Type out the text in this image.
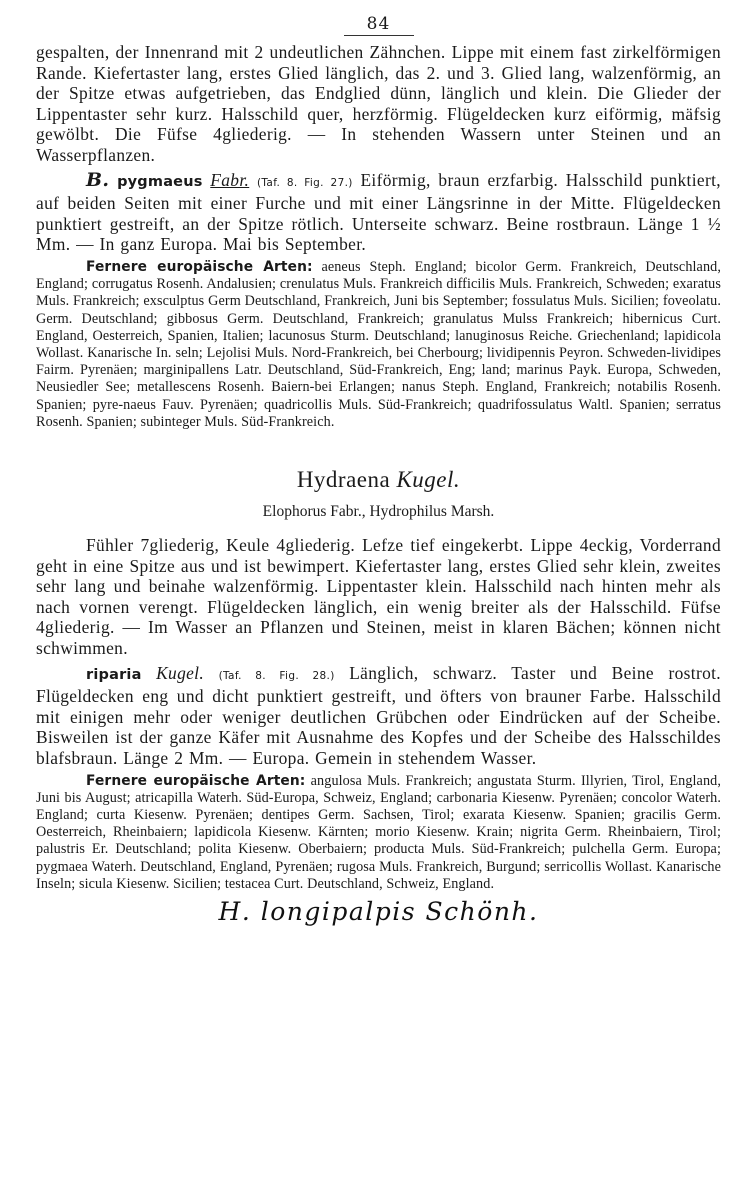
84

gespalten, der Innenrand mit 2 undeutlichen Zähnchen. Lippe mit einem fast zirkelförmigen Rande. Kiefertaster lang, erstes Glied länglich, das 2. und 3. Glied lang, walzenförmig, an der Spitze etwas aufgetrieben, das Endglied dünn, länglich und klein. Die Glieder der Lippentaster sehr kurz. Halsschild quer, herzförmig. Flügeldecken kurz eiförmig, mäfsig gewölbt. Die Füfse 4gliederig. — In stehenden Wassern unter Steinen und an Wasserpflanzen.

B. pygmaeus Fabr. (Taf. 8. Fig. 27.) Eiförmig, braun erzfarbig. Halsschild punktiert, auf beiden Seiten mit einer Furche und mit einer Längsrinne in der Mitte. Flügeldecken punktiert gestreift, an der Spitze rötlich. Unterseite schwarz. Beine rostbraun. Länge 1 ½ Mm. — In ganz Europa. Mai bis September.

Fernere europäische Arten: aeneus Steph. England; bicolor Germ. Frankreich, Deutschland, England; corrugatus Rosenh. Andalusien; crenulatus Muls. Frankreich difficilis Muls. Frankreich, Schweden; exaratus Muls. Frankreich; exsculptus Germ Deutschland, Frankreich, Juni bis September; fossulatus Muls. Sicilien; foveolatu. Germ. Deutschland; gibbosus Germ. Deutschland, Frankreich; granulatus Mulss Frankreich; hibernicus Curt. England, Oesterreich, Spanien, Italien; lacunosus Sturm. Deutschland; lanuginosus Reiche. Griechenland; lapidicola Wollast. Kanarische In. seln; Lejolisi Muls. Nord-Frankreich, bei Cherbourg; lividipennis Peyron. Schweden-lividipes Fairm. Pyrenäen; marginipallens Latr. Deutschland, Süd-Frankreich, Eng; land; marinus Payk. Europa, Schweden, Neusiedler See; metallescens Rosenh. Baiern-bei Erlangen; nanus Steph. England, Frankreich; notabilis Rosenh. Spanien; pyre-naeus Fauv. Pyrenäen; quadricollis Muls. Süd-Frankreich; quadrifossulatus Waltl. Spanien; serratus Rosenh. Spanien; subinteger Muls. Süd-Frankreich.

Hydraena Kugel.
Elophorus Fabr., Hydrophilus Marsh.

Fühler 7gliederig, Keule 4gliederig. Lefze tief eingekerbt. Lippe 4eckig, Vorderrand geht in eine Spitze aus und ist bewimpert. Kiefertaster lang, erstes Glied sehr klein, zweites sehr lang und beinahe walzenförmig. Lippentaster klein. Halsschild nach hinten mehr als nach vornen verengt. Flügeldecken länglich, ein wenig breiter als der Halsschild. Füfse 4gliederig. — Im Wasser an Pflanzen und Steinen, meist in klaren Bächen; können nicht schwimmen.

riparia Kugel. (Taf. 8. Fig. 28.) Länglich, schwarz. Taster und Beine rostrot. Flügeldecken eng und dicht punktiert gestreift, und öfters von brauner Farbe. Halsschild mit einigen mehr oder weniger deutlichen Grübchen oder Eindrücken auf der Scheibe. Bisweilen ist der ganze Käfer mit Ausnahme des Kopfes und der Scheibe des Halsschildes blafsbraun. Länge 2 Mm. — Europa. Gemein in stehendem Wasser.

Fernere europäische Arten: angulosa Muls. Frankreich; angustata Sturm. Illyrien, Tirol, England, Juni bis August; atricapilla Waterh. Süd-Europa, Schweiz, England; carbonaria Kiesenw. Pyrenäen; concolor Waterh. England; curta Kiesenw. Pyrenäen; dentipes Germ. Sachsen, Tirol; exarata Kiesenw. Spanien; gracilis Germ. Oesterreich, Rheinbaiern; lapidicola Kiesenw. Kärnten; morio Kiesenw. Krain; nigrita Germ. Rheinbaiern, Tirol; palustris Er. Deutschland; polita Kiesenw. Oberbaiern; producta Muls. Süd-Frankreich; pulchella Germ. Europa; pygmaea Waterh. Deutschland, England, Pyrenäen; rugosa Muls. Frankreich, Burgund; serricollis Wollast. Kanarische Inseln; sicula Kiesenw. Sicilien; testacea Curt. Deutschland, Schweiz, England.

H. longipalpis Schönh.
